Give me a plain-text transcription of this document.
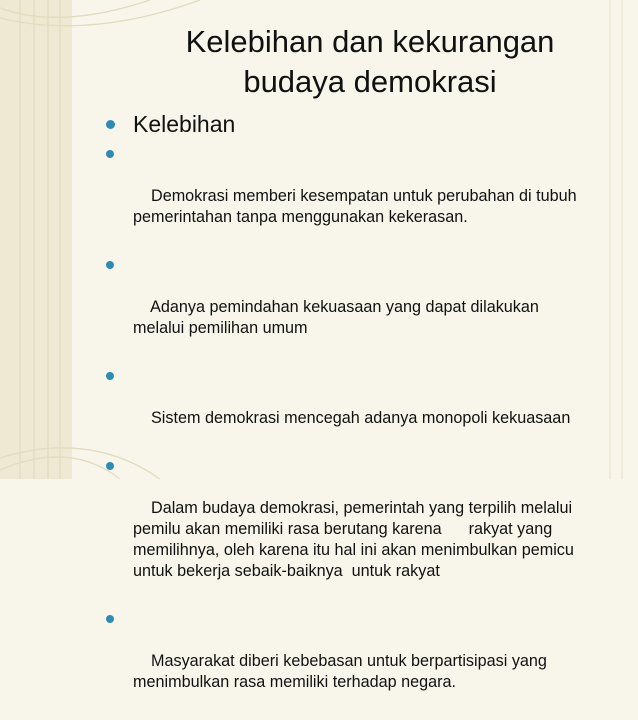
Kelebihan dan kekurangan
budaya demokrasi
Kelebihan

Demokrasi memberi kesempatan untuk perubahan di tubuh
pemerintahan tanpa menggunakan kekerasan.

Adanya pemindahan kekuasaan yang dapat dilakukan
melalui pemilihan umum

Sistem demokrasi mencegah adanya monopoli kekuasaan

Dalam budaya demokrasi, pemerintah yang terpilih melalui
pemilu akan memiliki rasa berutang karena      rakyat yang
memilihnya, oleh karena itu hal ini akan menimbulkan pemicu
untuk bekerja sebaik-baiknya  untuk rakyat

Masyarakat diberi kebebasan untuk berpartisipasi yang
menimbulkan rasa memiliki terhadap negara.
